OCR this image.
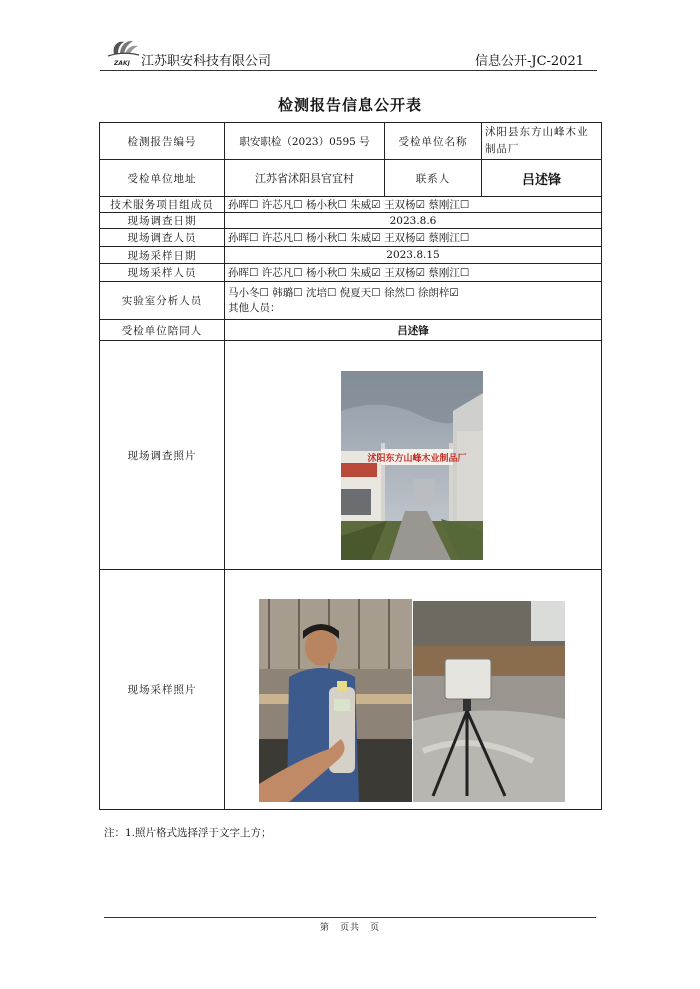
ZAKJ 江苏职安科技有限公司	信息公开-JC-2021
检测报告信息公开表
检测报告编号	职安职检（2023）0595 号	受检单位名称	沭阳县东方山峰木业制品厂
受检单位地址	江苏省沭阳县官宜村	联系人	吕述锋
技术服务项目组成员	孙晖☐ 许芯凡☐ 杨小秋☐ 朱威☑ 王双杨☑ 蔡刚江☐		
现场调查日期	2023.8.6		
现场调查人员	孙晖☐ 许芯凡☐ 杨小秋☐ 朱威☑ 王双杨☑ 蔡刚江☐		
现场采样日期	2023.8.15		
现场采样人员	孙晖☐ 许芯凡☐ 杨小秋☐ 朱威☑ 王双杨☑ 蔡刚江☐		
实验室分析人员	马小冬☐ 韩璐☐ 沈培☐ 倪夏天☐ 徐然☐ 徐朗梓☑
其他人员：		

受检单位陪同人	吕述锋		
现场调查照片			
现场采样照片			
沭阳东方山峰木业制品厂
注：1.照片格式选择浮于文字上方；
第　页共　页
